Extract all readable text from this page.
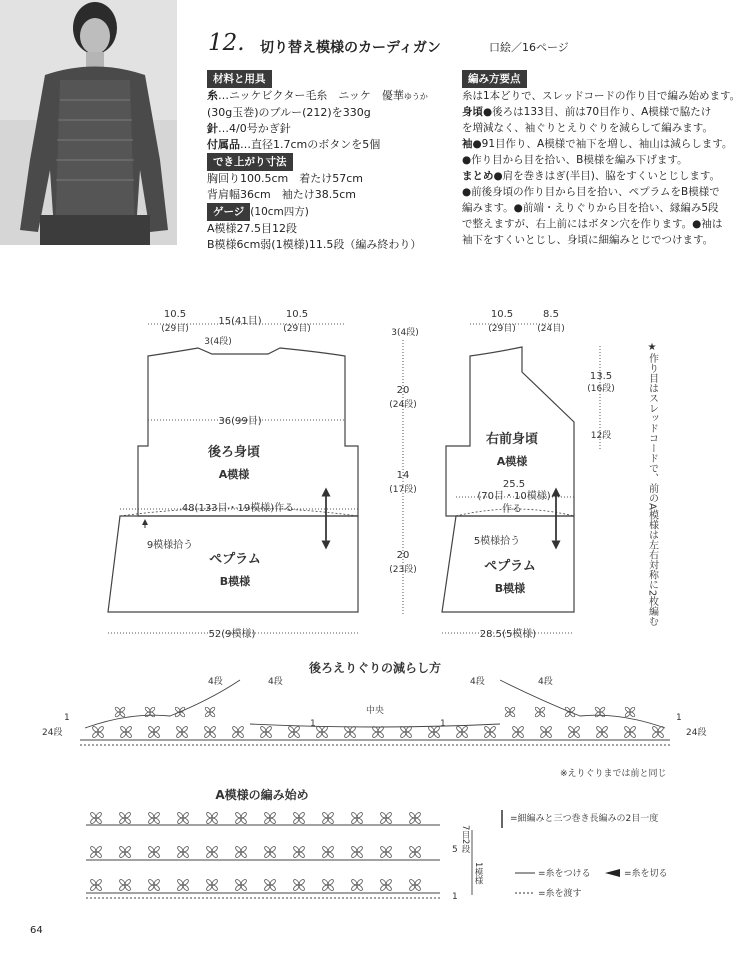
12. 切り替え模様のカーディガン	口絵／16ページ
材料と用具
糸…ニッケビクター毛糸　ニッケ　優華ゆうか
(30g玉巻)のブルー(212)を330g
針…4/0号かぎ針
付属品…直径1.7cmのボタンを5個
でき上がり寸法
胸回り100.5cm　着たけ57cm
背肩幅36cm　袖たけ38.5cm
ゲージ (10cm四方)
A模様27.5目12段
B模様6cm弱(1模様)11.5段（編み終わり）
編み方要点
糸は1本どりで、スレッドコードの作り目で編み始めます。
身頃●後ろは133目、前は70目作り、A模様で脇たけ
を増減なく、袖ぐりとえりぐりを減らして編みます。
袖●91目作り、A模様で袖下を増し、袖山は減らします。
●作り目から目を拾い、B模様を編み下げます。
まとめ●肩を巻きはぎ(半目)、脇をすくいとじします。
●前後身頃の作り目から目を拾い、ペプラムをB模様で
編みます。●前端・えりぐりから目を拾い、縁編み5段
で整えますが、右上前にはボタン穴を作ります。●袖は
袖下をすくいとじし、身頃に細編みとじでつけます。
10.5
(29目)
15(41目)
10.5
(29目)
3(4段)
36(99目)
後ろ身頃
A模様
48(133目・19模様)作る
9模様拾う
ペプラム
B模様
52(9模様)
3(4段)
20
(24段)
14
(17段)
20
(23段)
10.5
(29目)
8.5
(24目)
13.5
(16段)
12段
右前身頃
A模様
25.5
(70目・10模様)
作る
5模様拾う
ペプラム
B模様
28.5(5模様)
★作り目はスレッドコードで、前のA模様は左右対称に2枚編む
後ろえりぐりの減らし方
4段	4段	4段	4段
中央
1
1	1
1
24段	24段
※えりぐりまでは前と同じ
A模様の編み始め
5
1
7目2段
1模様
=細編みと三つ巻き長編みの2目一度
=糸をつける	=糸を切る
=糸を渡す
64
